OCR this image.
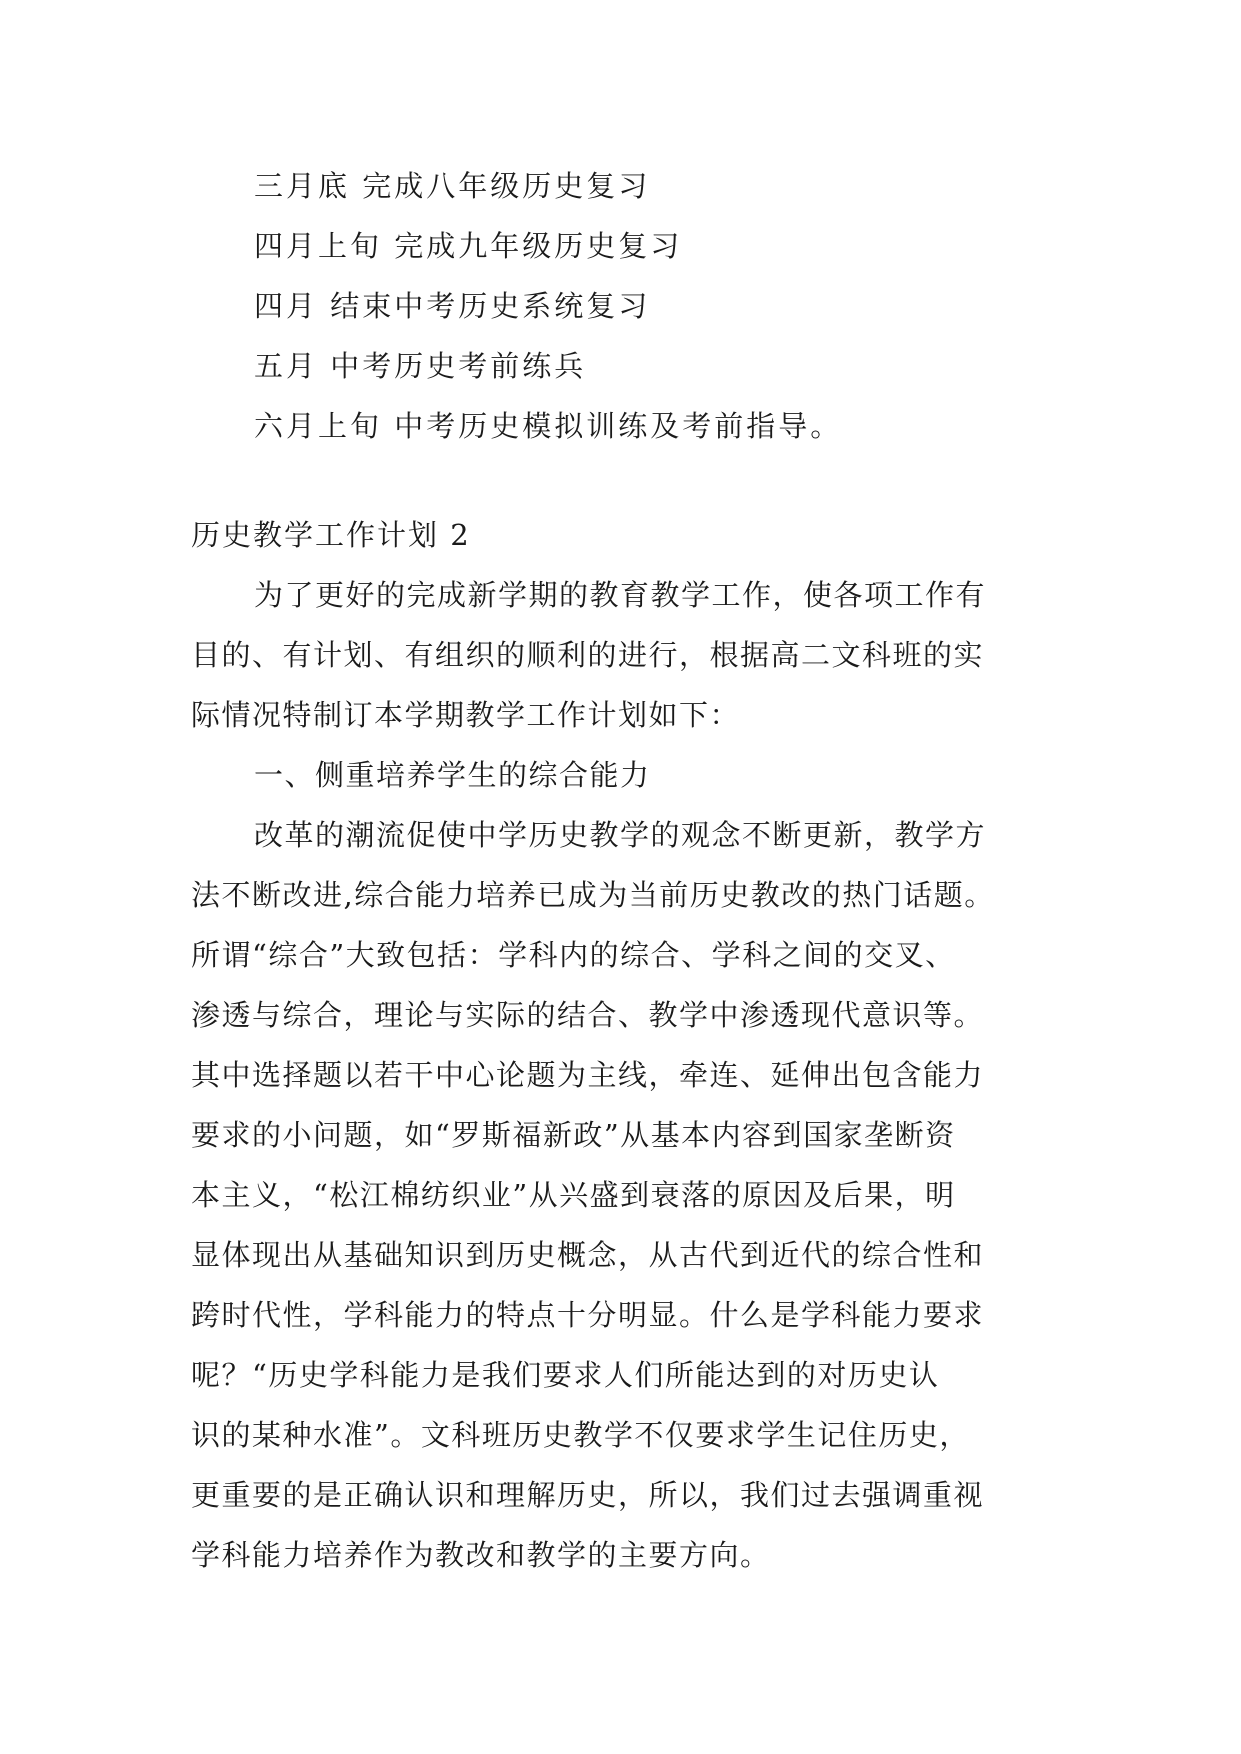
三月底 完成八年级历史复习
四月上旬 完成九年级历史复习
四月 结束中考历史系统复习
五月 中考历史考前练兵
六月上旬 中考历史模拟训练及考前指导。
历史教学工作计划 2
为了更好的完成新学期的教育教学工作，使各项工作有
目的、有计划、有组织的顺利的进行，根据高二文科班的实
际情况特制订本学期教学工作计划如下：
一、侧重培养学生的综合能力
改革的潮流促使中学历史教学的观念不断更新，教学方
法不断改进,综合能力培养已成为当前历史教改的热门话题。
所谓“综合”大致包括：学科内的综合、学科之间的交叉、
渗透与综合，理论与实际的结合、教学中渗透现代意识等。
其中选择题以若干中心论题为主线，牵连、延伸出包含能力
要求的小问题，如“罗斯福新政”从基本内容到国家垄断资
本主义，“松江棉纺织业”从兴盛到衰落的原因及后果，明
显体现出从基础知识到历史概念，从古代到近代的综合性和
跨时代性，学科能力的特点十分明显。什么是学科能力要求
呢？“历史学科能力是我们要求人们所能达到的对历史认
识的某种水准”。文科班历史教学不仅要求学生记住历史，
更重要的是正确认识和理解历史，所以，我们过去强调重视
学科能力培养作为教改和教学的主要方向。
